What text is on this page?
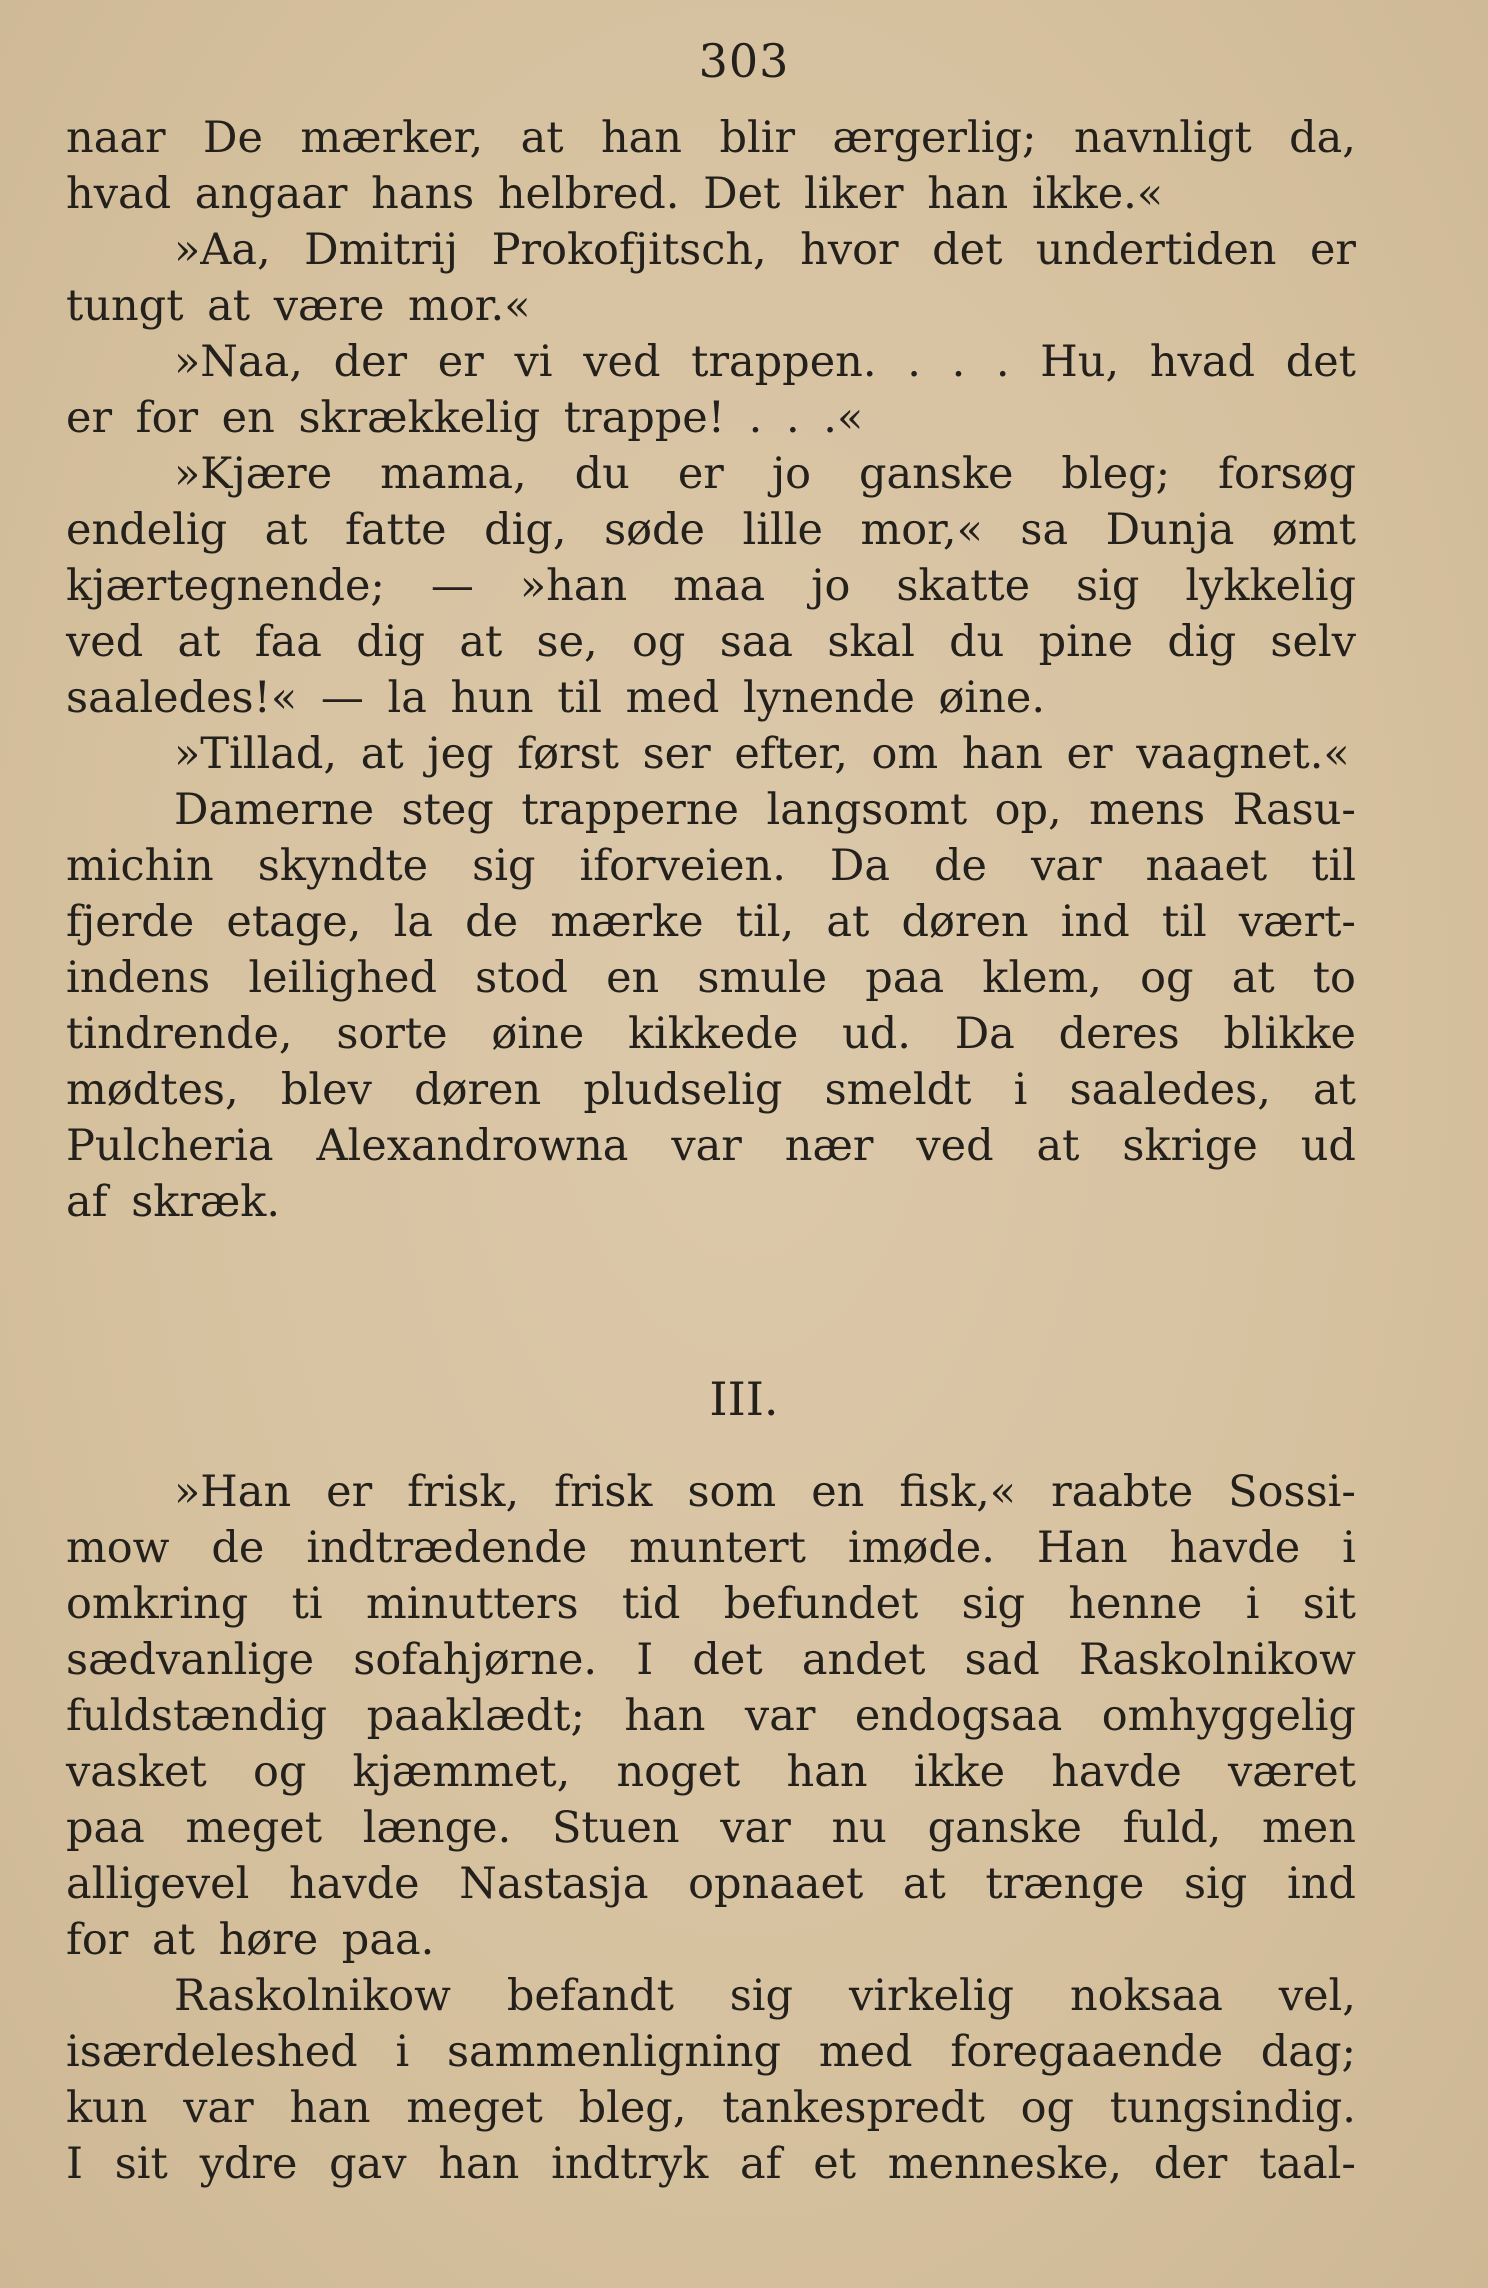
303
naar De mærker, at han blir ærgerlig; navnligt da,
hvad angaar hans helbred. Det liker han ikke.«
»Aa, Dmitrij Prokofjitsch, hvor det undertiden er
tungt at være mor.«
»Naa, der er vi ved trappen. . . . Hu, hvad det
er for en skrækkelig trappe! . . .«
»Kjære mama, du er jo ganske bleg; forsøg
endelig at fatte dig, søde lille mor,« sa Dunja ømt
kjærtegnende; — »han maa jo skatte sig lykkelig
ved at faa dig at se, og saa skal du pine dig selv
saaledes!« — la hun til med lynende øine.
»Tillad, at jeg først ser efter, om han er vaagnet.«
Damerne steg trapperne langsomt op, mens Rasu-
michin skyndte sig iforveien. Da de var naaet til
fjerde etage, la de mærke til, at døren ind til vært-
indens leilighed stod en smule paa klem, og at to
tindrende, sorte øine kikkede ud. Da deres blikke
mødtes, blev døren pludselig smeldt i saaledes, at
Pulcheria Alexandrowna var nær ved at skrige ud
af skræk.
III.
»Han er frisk, frisk som en fisk,« raabte Sossi-
mow de indtrædende muntert imøde. Han havde i
omkring ti minutters tid befundet sig henne i sit
sædvanlige sofahjørne. I det andet sad Raskolnikow
fuldstændig paaklædt; han var endogsaa omhyggelig
vasket og kjæmmet, noget han ikke havde været
paa meget længe. Stuen var nu ganske fuld, men
alligevel havde Nastasja opnaaet at trænge sig ind
for at høre paa.
Raskolnikow befandt sig virkelig noksaa vel,
isærdeleshed i sammenligning med foregaaende dag;
kun var han meget bleg, tankespredt og tungsindig.
I sit ydre gav han indtryk af et menneske, der taal-
